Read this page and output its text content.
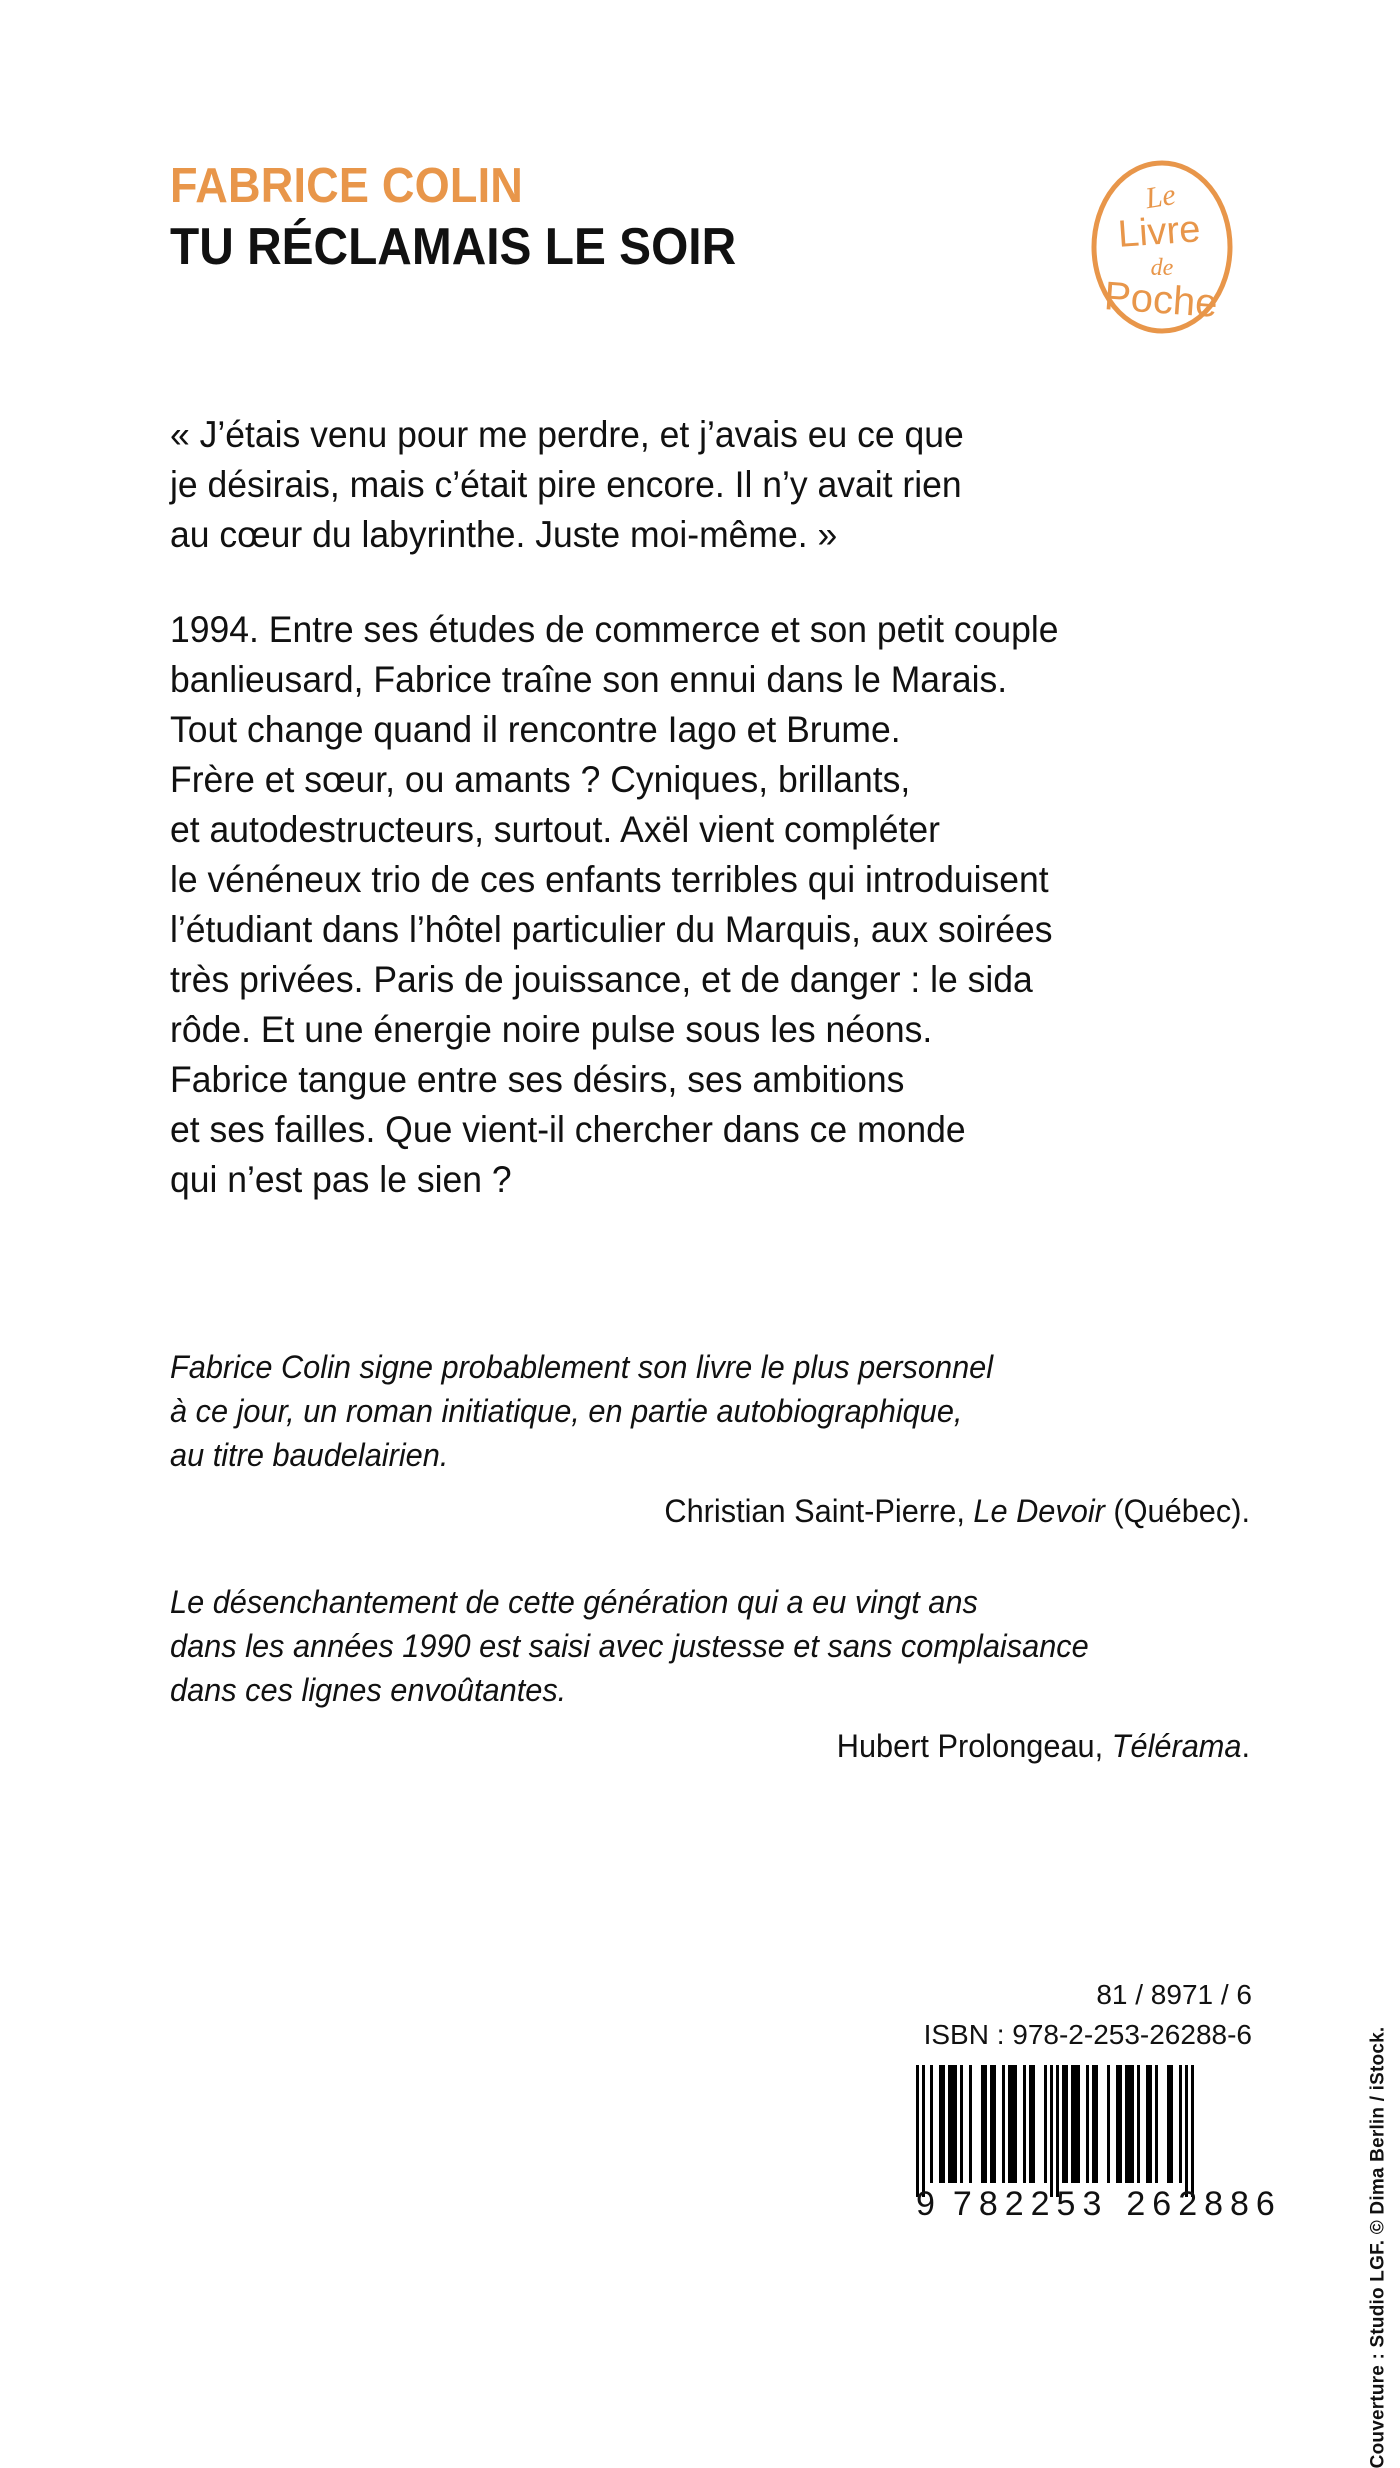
FABRICE COLIN
TU RÉCLAMAIS LE SOIR
Le
Livre
de
Poche
« J’étais venu pour me perdre, et j’avais eu ce que
je désirais, mais c’était pire encore. Il n’y avait rien
au cœur du labyrinthe. Juste moi-même. »
1994. Entre ses études de commerce et son petit couple
banlieusard, Fabrice traîne son ennui dans le Marais.
Tout change quand il rencontre Iago et Brume.
Frère et sœur, ou amants ? Cyniques, brillants,
et autodestructeurs, surtout. Axël vient compléter
le vénéneux trio de ces enfants terribles qui introduisent
l’étudiant dans l’hôtel particulier du Marquis, aux soirées
très privées. Paris de jouissance, et de danger : le sida
rôde. Et une énergie noire pulse sous les néons.
Fabrice tangue entre ses désirs, ses ambitions
et ses failles. Que vient-il chercher dans ce monde
qui n’est pas le sien ?
Fabrice Colin signe probablement son livre le plus personnel
à ce jour, un roman initiatique, en partie autobiographique,
au titre baudelairien.
Christian Saint-Pierre, Le Devoir (Québec).
Le désenchantement de cette génération qui a eu vingt ans
dans les années 1990 est saisi avec justesse et sans complaisance
dans ces lignes envoûtantes.
Hubert Prolongeau, Télérama.
Couverture : Studio LGF. © Dima Berlin / iStock.
81 / 8971 / 6
ISBN : 978-2-253-26288-6
9 782253 262886
